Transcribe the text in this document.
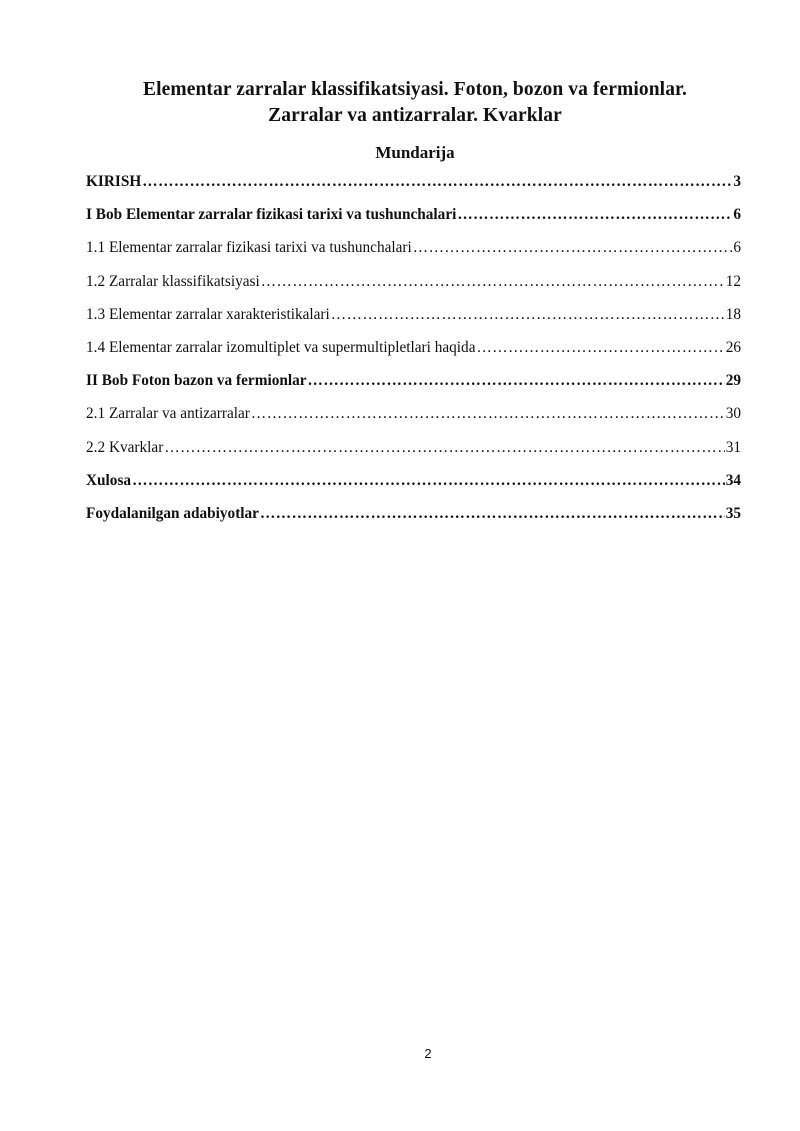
Elementar zarralar klassifikatsiyasi. Foton, bozon va fermionlar.
Zarralar va antizarralar. Kvarklar
Mundarija
KIRISH …………………………………………………………………………………………………………………………………………………………………………………	3
I Bob Elementar zarralar fizikasi tarixi va tushunchalari …………………………………………………………………………………………………………………………………………………………………………………	6
1.1 Elementar zarralar fizikasi tarixi va tushunchalari …………………………………………………………………………………………………………………………………………………………………………………	6
1.2 Zarralar klassifikatsiyasi …………………………………………………………………………………………………………………………………………………………………………………	12
1.3 Elementar zarralar xarakteristikalari …………………………………………………………………………………………………………………………………………………………………………………	18
1.4 Elementar zarralar izomultiplet va supermultipletlari haqida …………………………………………………………………………………………………………………………………………………………………………………	26
II Bob Foton bazon va fermionlar …………………………………………………………………………………………………………………………………………………………………………………	29
2.1 Zarralar va antizarralar …………………………………………………………………………………………………………………………………………………………………………………	30
2.2 Kvarklar …………………………………………………………………………………………………………………………………………………………………………………	31
Xulosa …………………………………………………………………………………………………………………………………………………………………………………	34
Foydalanilgan adabiyotlar …………………………………………………………………………………………………………………………………………………………………………………	35
2
